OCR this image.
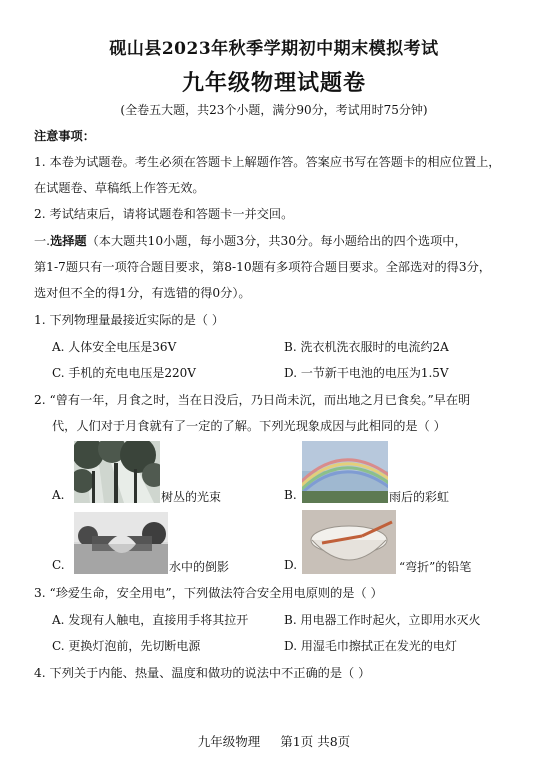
砚山县2023年秋季学期初中期末模拟考试
九年级物理试题卷
(全卷五大题，共23个小题，满分90分，考试用时75分钟)
注意事项：
1. 本卷为试题卷。考生必须在答题卡上解题作答。答案应书写在答题卡的相应位置上，
在试题卷、草稿纸上作答无效。
2. 考试结束后，请将试题卷和答题卡一并交回。
一.选择题（本大题共10小题，每小题3分，共30分。每小题给出的四个选项中，
第1-7题只有一项符合题目要求，第8-10题有多项符合题目要求。全部选对的得3分，
选对但不全的得1分，有选错的得0分）。
1. 下列物理量最接近实际的是（ ）
A. 人体安全电压是36V	B. 洗衣机洗衣服时的电流约2A
C. 手机的充电电压是220V	D. 一节新干电池的电压为1.5V
2. “曾有一年，月食之时，当在日没后，乃日尚未沉，而出地之月已食矣。”早在明
代，人们对于月食就有了一定的了解。下列光现象成因与此相同的是（ ）
A.	树丛的光束	B.	雨后的彩虹
C.	水中的倒影	D.	“弯折”的铅笔
3. “珍爱生命，安全用电”，下列做法符合安全用电原则的是（ ）
A. 发现有人触电，直接用手将其拉开	B. 用电器工作时起火，立即用水灭火
C. 更换灯泡前，先切断电源	D. 用湿毛巾擦拭正在发光的电灯
4. 下列关于内能、热量、温度和做功的说法中不正确的是（ ）
九年级物理 第1页 共8页
